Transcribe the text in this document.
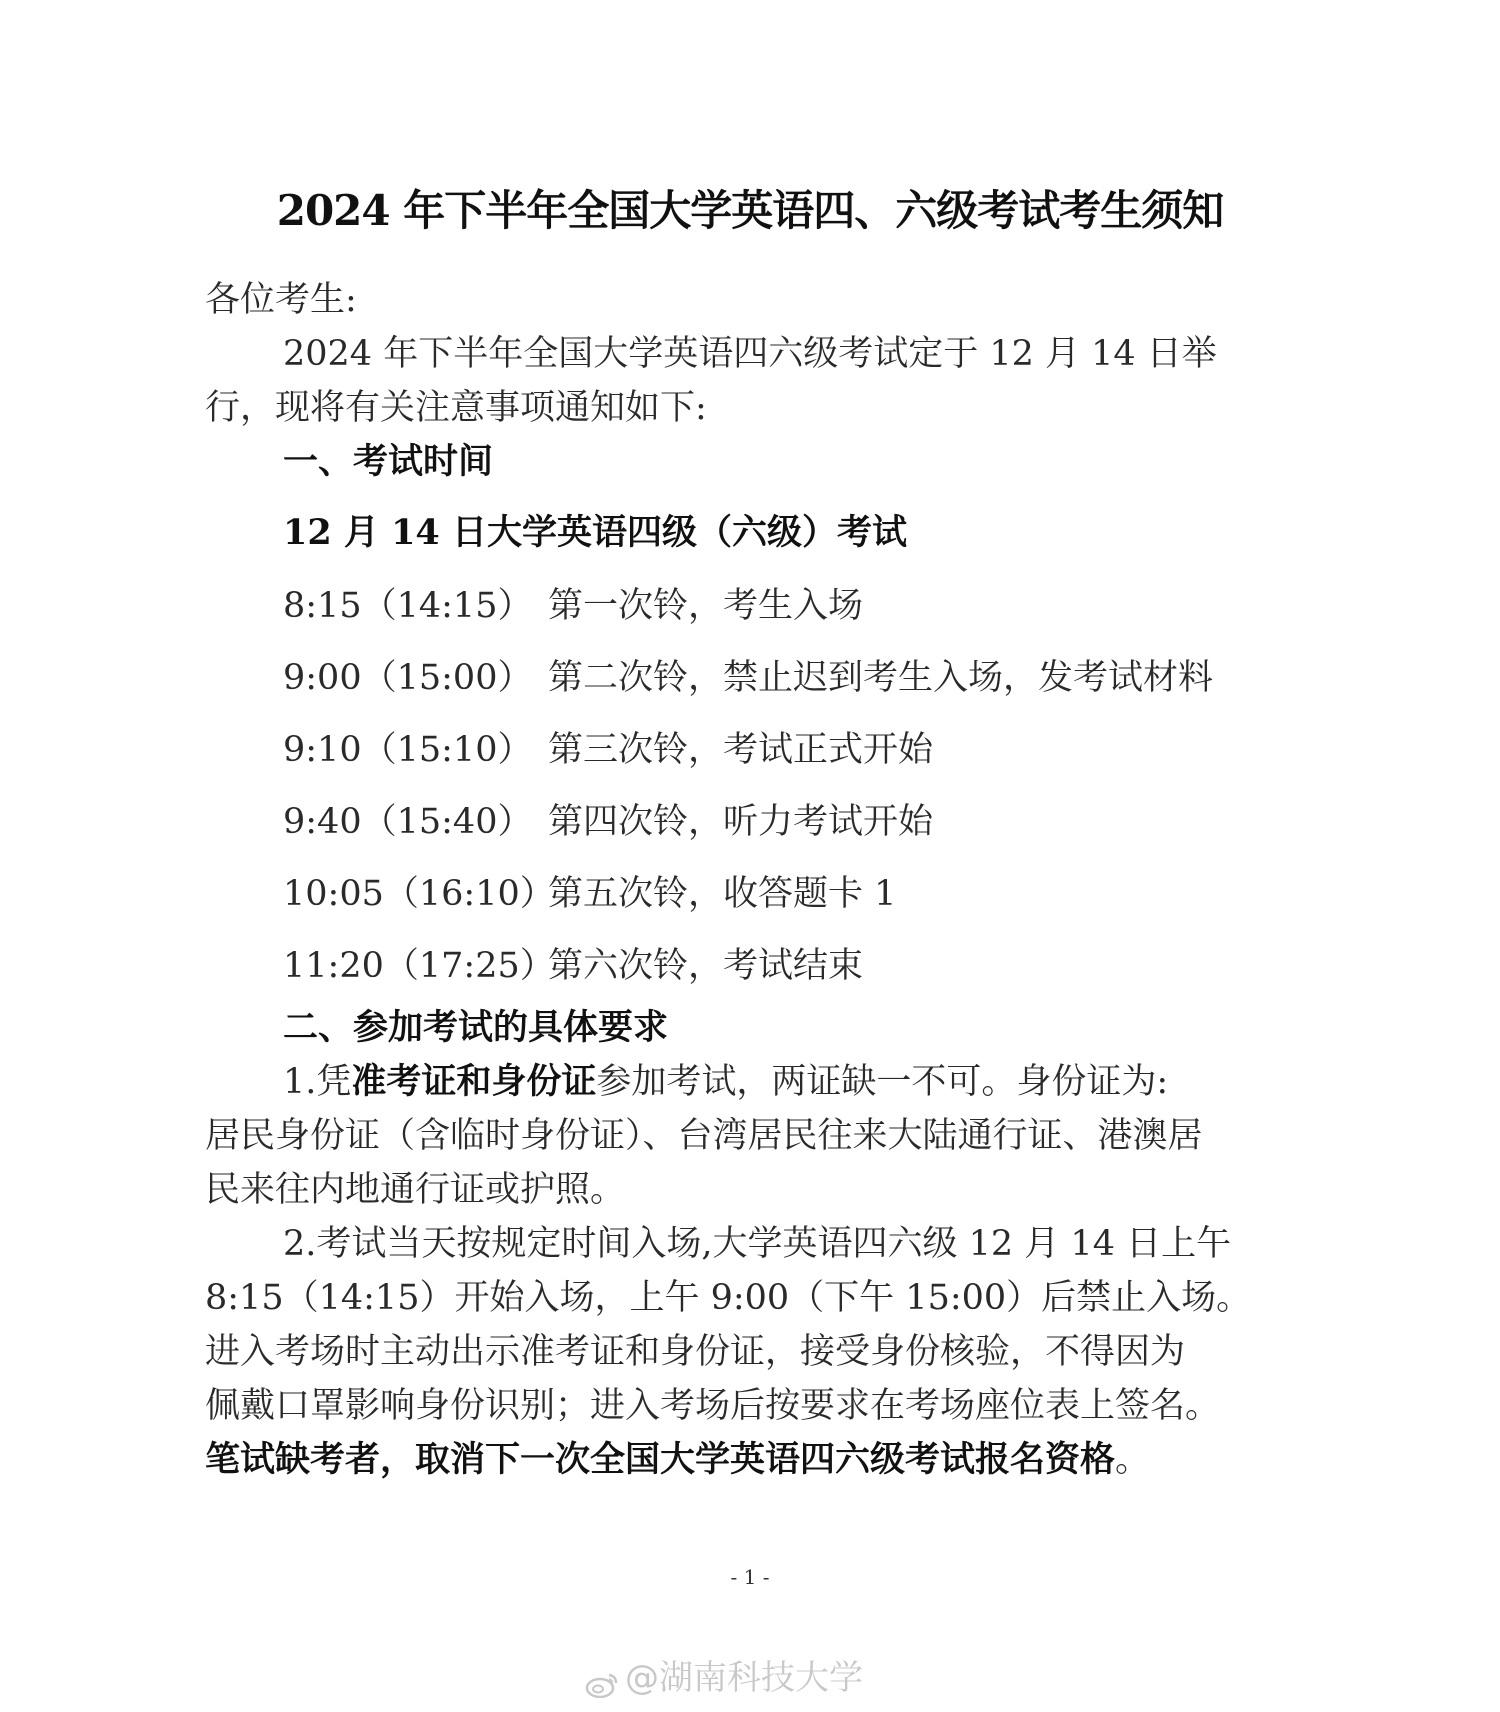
2024 年下半年全国大学英语四、六级考试考生须知
各位考生:
2024 年下半年全国大学英语四六级考试定于 12 月 14 日举
行，现将有关注意事项通知如下:
一、考试时间
12 月 14 日大学英语四级（六级）考试
8:15（14:15） 第一次铃，考生入场
9:00（15:00） 第二次铃，禁止迟到考生入场，发考试材料
9:10（15:10） 第三次铃，考试正式开始
9:40（15:40） 第四次铃，听力考试开始
10:05（16:10）第五次铃，收答题卡 1
11:20（17:25）第六次铃，考试结束
二、参加考试的具体要求
1.凭准考证和身份证参加考试，两证缺一不可。身份证为:
居民身份证（含临时身份证）、台湾居民往来大陆通行证、港澳居
民来往内地通行证或护照。
2.考试当天按规定时间入场,大学英语四六级 12 月 14 日上午
8:15（14:15）开始入场，上午 9:00（下午 15:00）后禁止入场。
进入考场时主动出示准考证和身份证，接受身份核验，不得因为
佩戴口罩影响身份识别；进入考场后按要求在考场座位表上签名。
笔试缺考者，取消下一次全国大学英语四六级考试报名资格。
- 1 -
@湖南科技大学
